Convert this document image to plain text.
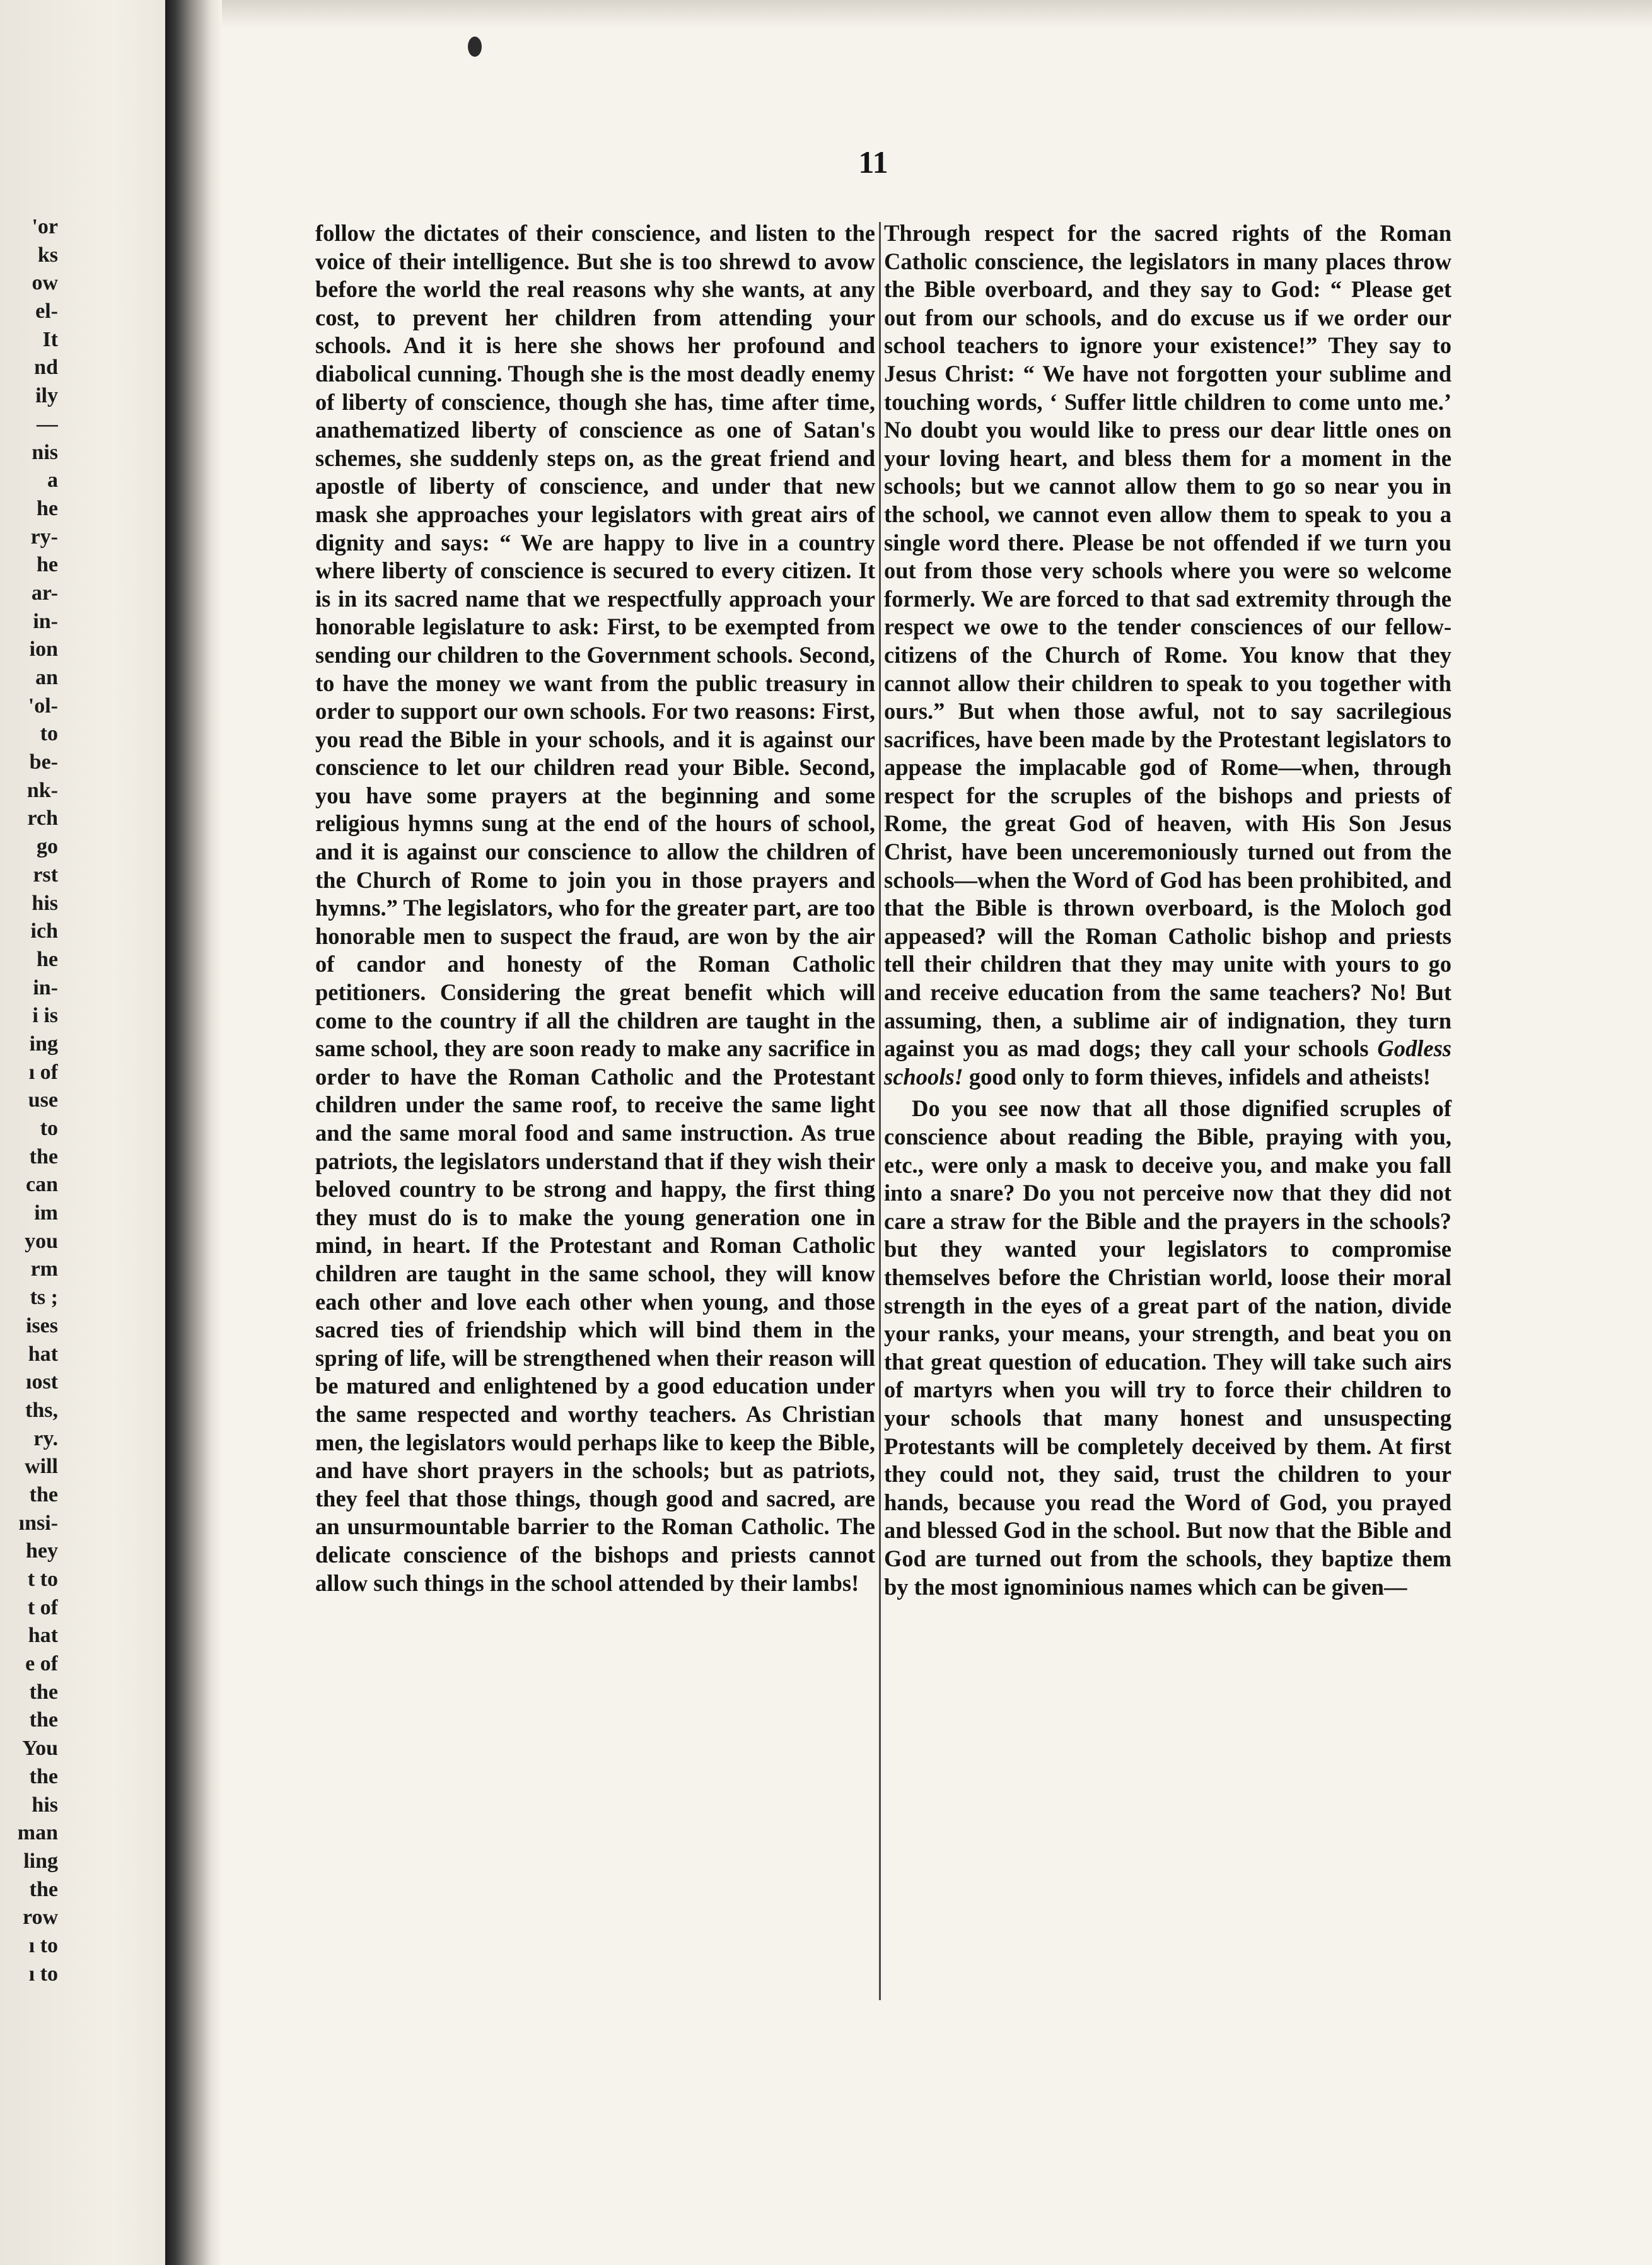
'or
ks
ow
el-
It
nd
ily
—
nis
a
he
ry-
he
ar-
in-
ion
an
'ol-
to
be-
nk-
rch
go
rst
his
ich
he
in-
i is
ing
ı of
use
to
the
can
im
you
rm
ts ;
ises
hat
ıost
ths,
ry.
will
the
ınsi-
hey
t to
t of
hat
e of
the
the
You
the
his
man
ling
the
row
ı to
ı to
11

follow the dictates of their conscience, and listen to the voice of their intelligence. But she is too shrewd to avow before the world the real reasons why she wants, at any cost, to prevent her children from attending your schools. And it is here she shows her profound and diabolical cunning. Though she is the most deadly enemy of liberty of conscience, though she has, time after time, anathematized liberty of conscience as one of Satan's schemes, she suddenly steps on, as the great friend and apostle of liberty of conscience, and under that new mask she approaches your legislators with great airs of dignity and says: “ We are happy to live in a country where liberty of conscience is secured to every citizen. It is in its sacred name that we respectfully approach your honorable legislature to ask: First, to be exempted from sending our children to the Government schools. Second, to have the money we want from the public treasury in order to support our own schools. For two reasons: First, you read the Bible in your schools, and it is against our conscience to let our children read your Bible. Second, you have some prayers at the beginning and some religious hymns sung at the end of the hours of school, and it is against our conscience to allow the children of the Church of Rome to join you in those prayers and hymns.” The legislators, who for the greater part, are too honorable men to suspect the fraud, are won by the air of candor and honesty of the Roman Catholic petitioners. Considering the great benefit which will come to the country if all the children are taught in the same school, they are soon ready to make any sacrifice in order to have the Roman Catholic and the Protestant children under the same roof, to receive the same light and the same moral food and same instruction. As true patriots, the legislators understand that if they wish their beloved country to be strong and happy, the first thing they must do is to make the young generation one in mind, in heart. If the Protestant and Roman Catholic children are taught in the same school, they will know each other and love each other when young, and those sacred ties of friendship which will bind them in the spring of life, will be strengthened when their reason will be matured and enlightened by a good education under the same respected and worthy teachers. As Christian men, the legislators would perhaps like to keep the Bible, and have short prayers in the schools; but as patriots, they feel that those things, though good and sacred, are an unsurmountable barrier to the Roman Catholic. The delicate conscience of the bishops and priests cannot allow such things in the school attended by their lambs!

Through respect for the sacred rights of the Roman Catholic conscience, the legislators in many places throw the Bible overboard, and they say to God: “ Please get out from our schools, and do excuse us if we order our school teachers to ignore your existence!” They say to Jesus Christ: “ We have not forgotten your sublime and touching words, ‘ Suffer little children to come unto me.’ No doubt you would like to press our dear little ones on your loving heart, and bless them for a moment in the schools; but we cannot allow them to go so near you in the school, we cannot even allow them to speak to you a single word there. Please be not offended if we turn you out from those very schools where you were so welcome formerly. We are forced to that sad extremity through the respect we owe to the tender consciences of our fellow-citizens of the Church of Rome. You know that they cannot allow their children to speak to you together with ours.” But when those awful, not to say sacrilegious sacrifices, have been made by the Protestant legislators to appease the implacable god of Rome—when, through respect for the scruples of the bishops and priests of Rome, the great God of heaven, with His Son Jesus Christ, have been unceremoniously turned out from the schools—when the Word of God has been prohibited, and that the Bible is thrown overboard, is the Moloch god appeased? will the Roman Catholic bishop and priests tell their children that they may unite with yours to go and receive education from the same teachers? No! But assuming, then, a sublime air of indignation, they turn against you as mad dogs; they call your schools Godless schools! good only to form thieves, infidels and atheists!

Do you see now that all those dignified scruples of conscience about reading the Bible, praying with you, etc., were only a mask to deceive you, and make you fall into a snare? Do you not perceive now that they did not care a straw for the Bible and the prayers in the schools? but they wanted your legislators to compromise themselves before the Christian world, loose their moral strength in the eyes of a great part of the nation, divide your ranks, your means, your strength, and beat you on that great question of education. They will take such airs of martyrs when you will try to force their children to your schools that many honest and unsuspecting Protestants will be completely deceived by them. At first they could not, they said, trust the children to your hands, because you read the Word of God, you prayed and blessed God in the school. But now that the Bible and God are turned out from the schools, they baptize them by the most ignominious names which can be given—
